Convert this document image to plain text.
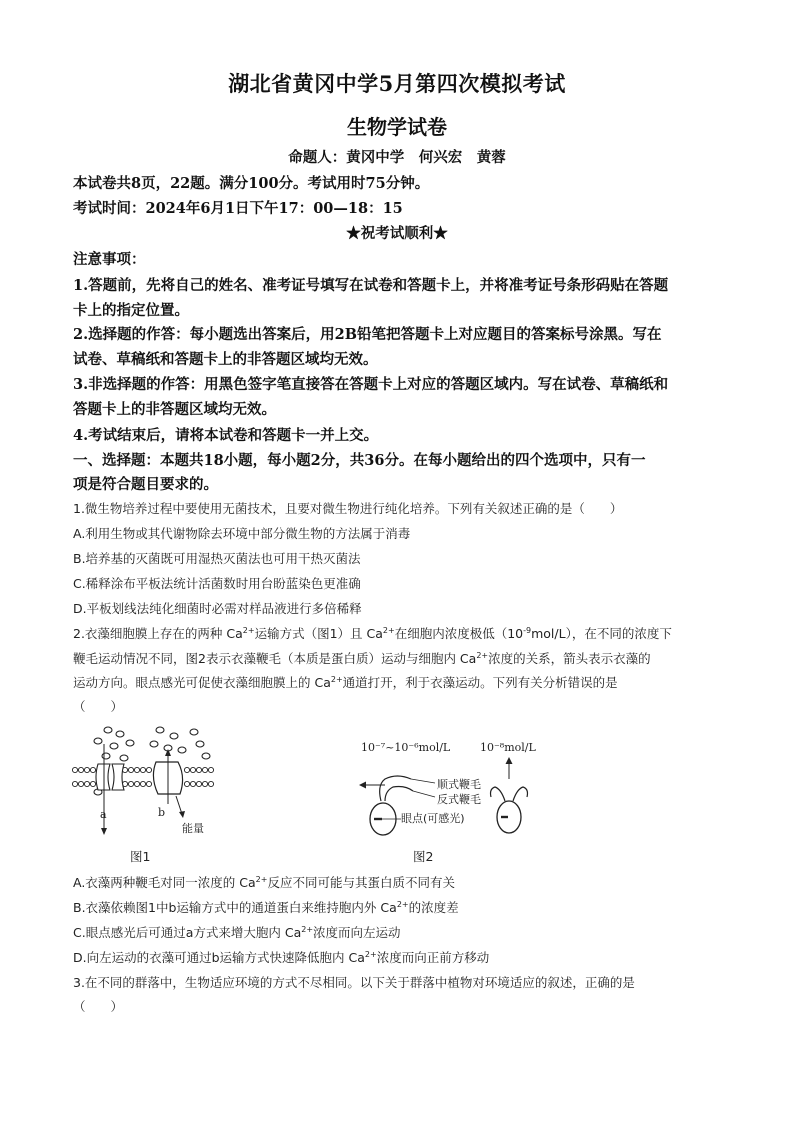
湖北省黄冈中学5月第四次模拟考试
生物学试卷
命题人：黄冈中学　何兴宏　黄蓉
本试卷共8页，22题。满分100分。考试用时75分钟。
考试时间：2024年6月1日下午17：00—18：15
★祝考试顺利★
注意事项：
1.答题前，先将自己的姓名、准考证号填写在试卷和答题卡上，并将准考证号条形码贴在答题
卡上的指定位置。
2.选择题的作答：每小题选出答案后，用2B铅笔把答题卡上对应题目的答案标号涂黑。写在
试卷、草稿纸和答题卡上的非答题区域均无效。
3.非选择题的作答：用黑色签字笔直接答在答题卡上对应的答题区域内。写在试卷、草稿纸和
答题卡上的非答题区域均无效。
4.考试结束后，请将本试卷和答题卡一并上交。
一、选择题：本题共18小题，每小题2分，共36分。在每小题给出的四个选项中，只有一
项是符合题目要求的。
1.微生物培养过程中要使用无菌技术，且要对微生物进行纯化培养。下列有关叙述正确的是（　　）
A.利用生物或其代谢物除去环境中部分微生物的方法属于消毒
B.培养基的灭菌既可用湿热灭菌法也可用干热灭菌法
C.稀释涂布平板法统计活菌数时用台盼蓝染色更准确
D.平板划线法纯化细菌时必需对样品液进行多倍稀释
2.衣藻细胞膜上存在的两种 $Ca^{2+}$运输方式（图1）且 $Ca^{2+}$在细胞内浓度极低$(10^{-9}mol/L)$，在不同的浓度下
鞭毛运动情况不同，图2表示衣藻鞭毛（本质是蛋白质）运动与细胞内 $Ca^{2+}$浓度的关系，箭头表示衣藻的
运动方向。眼点感光可促使衣藻细胞膜上的 $Ca^{2+}$通道打开，利于衣藻运动。下列有关分析错误的是
（　　）
a	b
能量
图1
10⁻⁷~10⁻⁶mol/L	10⁻⁸mol/L
眼点(可感光)
顺式鞭毛
反式鞭毛
图2
A.衣藻两种鞭毛对同一浓度的 $Ca^{2+}$反应不同可能与其蛋白质不同有关
B.衣藻依赖图1中b运输方式中的通道蛋白来维持胞内外 $Ca^{2+}$的浓度差
C.眼点感光后可通过a方式来增大胞内 $Ca^{2+}$浓度而向左运动
D.向左运动的衣藻可通过b运输方式快速降低胞内 $Ca^{2+}$浓度而向正前方移动
3.在不同的群落中，生物适应环境的方式不尽相同。以下关于群落中植物对环境适应的叙述，正确的是
（　　）
